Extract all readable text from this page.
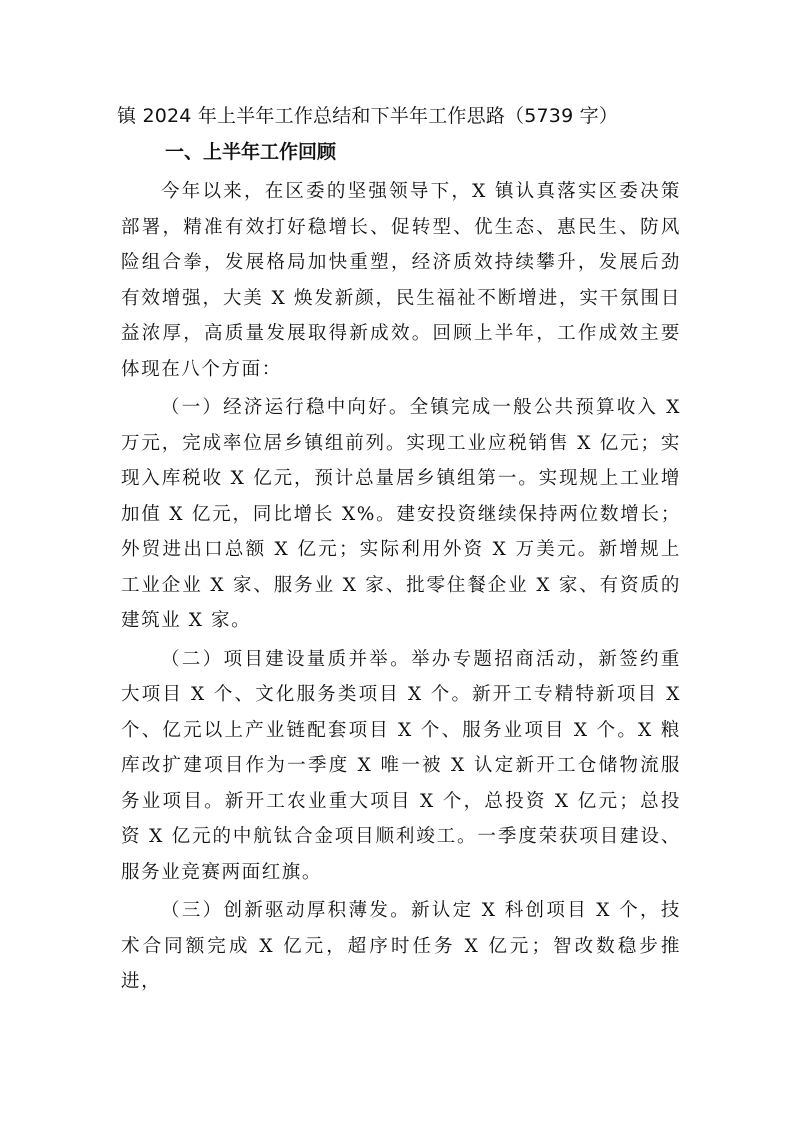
镇 2024 年上半年工作总结和下半年工作思路（5739 字）
一、上半年工作回顾

今年以来，在区委的坚强领导下，X 镇认真落实区委决策部署，精准有效打好稳增长、促转型、优生态、惠民生、防风险组合拳，发展格局加快重塑，经济质效持续攀升，发展后劲有效增强，大美 X 焕发新颜，民生福祉不断增进，实干氛围日益浓厚，高质量发展取得新成效。回顾上半年，工作成效主要体现在八个方面：

（一）经济运行稳中向好。全镇完成一般公共预算收入 X 万元，完成率位居乡镇组前列。实现工业应税销售 X 亿元；实现入库税收 X 亿元，预计总量居乡镇组第一。实现规上工业增加值 X 亿元，同比增长 X%。建安投资继续保持两位数增长；外贸进出口总额 X 亿元；实际利用外资 X 万美元。新增规上工业企业 X 家、服务业 X 家、批零住餐企业 X 家、有资质的建筑业 X 家。

（二）项目建设量质并举。举办专题招商活动，新签约重大项目 X 个、文化服务类项目 X 个。新开工专精特新项目 X 个、亿元以上产业链配套项目 X 个、服务业项目 X 个。X 粮库改扩建项目作为一季度 X 唯一被 X 认定新开工仓储物流服务业项目。新开工农业重大项目 X 个，总投资 X 亿元；总投资 X 亿元的中航钛合金项目顺利竣工。一季度荣获项目建设、服务业竞赛两面红旗。

（三）创新驱动厚积薄发。新认定 X 科创项目 X 个，技术合同额完成 X 亿元，超序时任务 X 亿元；智改数稳步推进，
